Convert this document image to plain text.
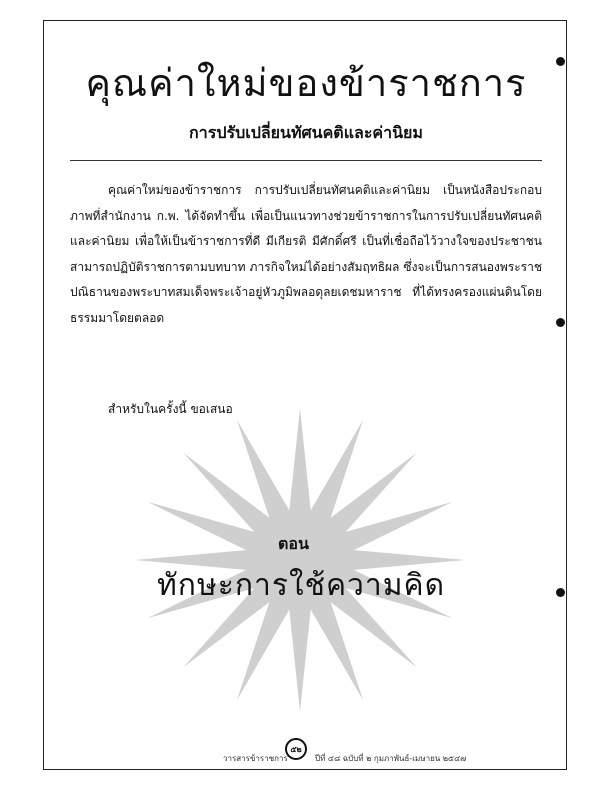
คุณค่าใหม่ของข้าราชการ
การปรับเปลี่ยนทัศนคติและค่านิยม

คุณค่าใหม่ของข้าราชการ การปรับเปลี่ยนทัศนคติและค่านิยม เป็นหนังสือประกอบภาพที่สำนักงาน ก.พ. ได้จัดทำขึ้น เพื่อเป็นแนวทางช่วยข้าราชการในการปรับเปลี่ยนทัศนคติและค่านิยม เพื่อให้เป็นข้าราชการที่ดี มีเกียรติ มีศักดิ์ศรี เป็นที่เชื่อถือไว้วางใจของประชาชน สามารถปฏิบัติราชการตามบทบาท ภารกิจใหม่ได้อย่างสัมฤทธิผล ซึ่งจะเป็นการสนองพระราชปณิธานของพระบาทสมเด็จพระเจ้าอยู่หัวภูมิพลอดุลยเดชมหาราช ที่ได้ทรงครองแผ่นดินโดยธรรมมาโดยตลอด

สำหรับในครั้งนี้ ขอเสนอ

ตอน

ทักษะการใช้ความคิด

วารสารข้าราชการ
๕๒
ปีที่ ๔๘ ฉบับที่ ๒ กุมภาพันธ์-เมษายน ๒๕๔๗
